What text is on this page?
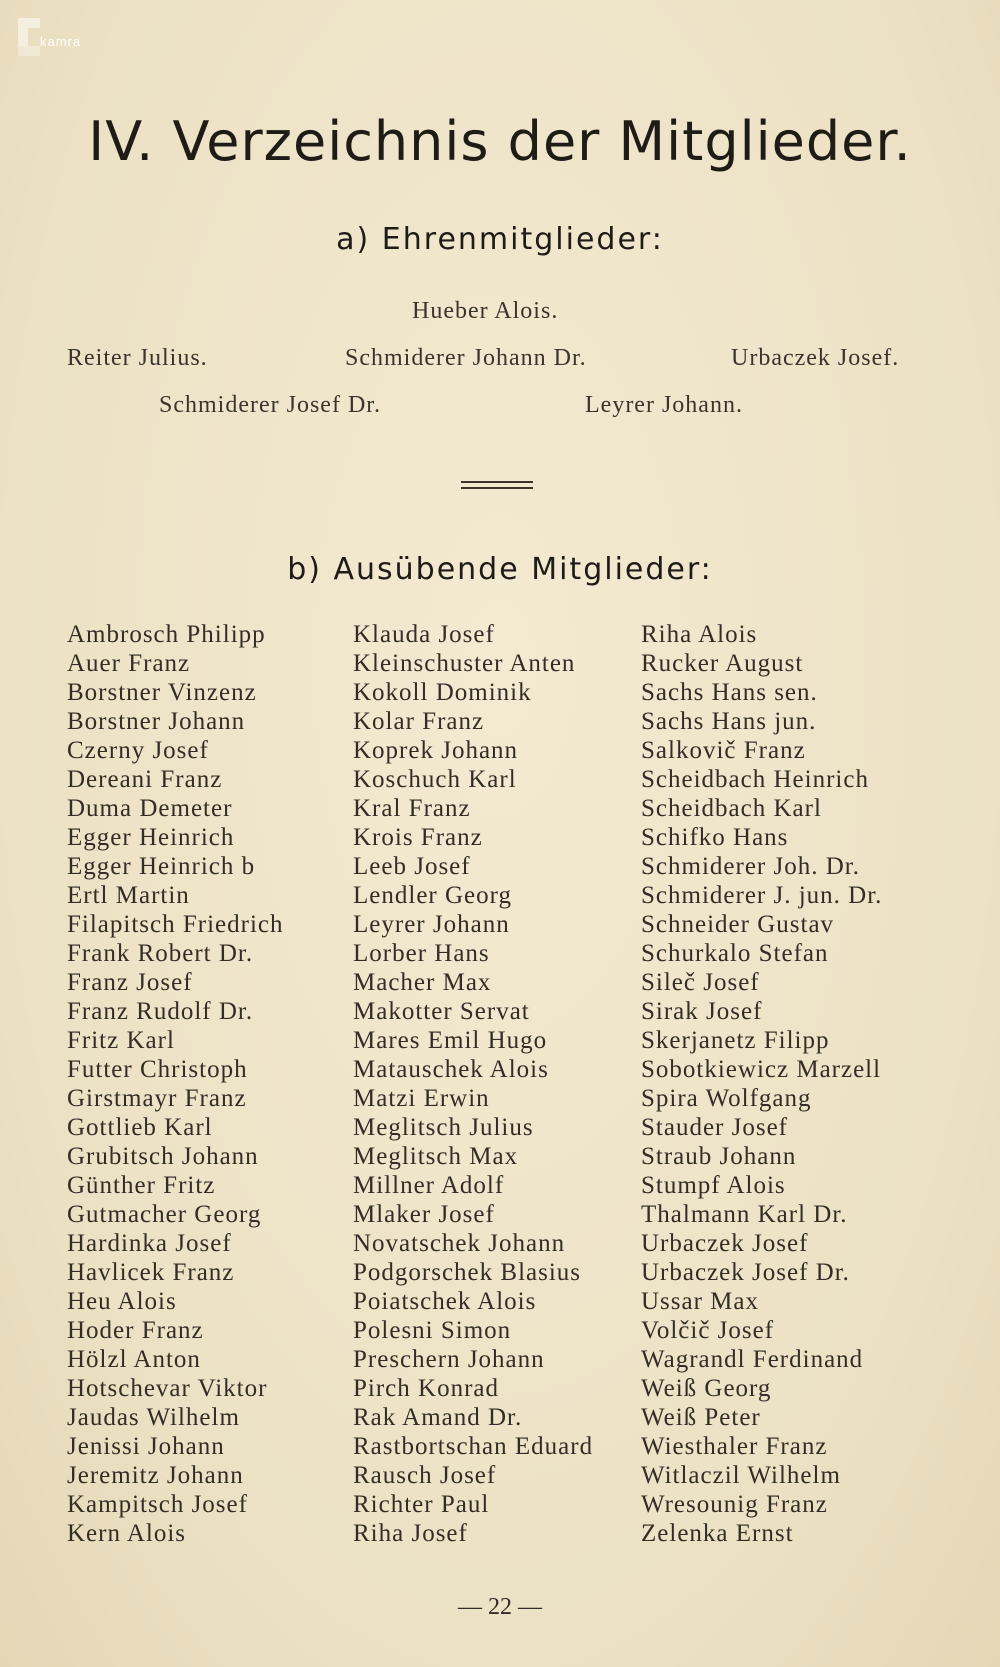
kamra
IV. Verzeichnis der Mitglieder.
a) Ehrenmitglieder:
Hueber Alois.
Reiter Julius.	Schmiderer Johann Dr.	Urbaczek Josef.
Schmiderer Josef Dr.	Leyrer Johann.
b) Ausübende Mitglieder:
Ambrosch Philipp
Auer Franz
Borstner Vinzenz
Borstner Johann
Czerny Josef
Dereani Franz
Duma Demeter
Egger Heinrich
Egger Heinrich b
Ertl Martin
Filapitsch Friedrich
Frank Robert Dr.
Franz Josef
Franz Rudolf Dr.
Fritz Karl
Futter Christoph
Girstmayr Franz
Gottlieb Karl
Grubitsch Johann
Günther Fritz
Gutmacher Georg
Hardinka Josef
Havlicek Franz
Heu Alois
Hoder Franz
Hölzl Anton
Hotschevar Viktor
Jaudas Wilhelm
Jenissi Johann
Jeremitz Johann
Kampitsch Josef
Kern Alois
Klauda Josef
Kleinschuster Anten
Kokoll Dominik
Kolar Franz
Koprek Johann
Koschuch Karl
Kral Franz
Krois Franz
Leeb Josef
Lendler Georg
Leyrer Johann
Lorber Hans
Macher Max
Makotter Servat
Mares Emil Hugo
Matauschek Alois
Matzi Erwin
Meglitsch Julius
Meglitsch Max
Millner Adolf
Mlaker Josef
Novatschek Johann
Podgorschek Blasius
Poiatschek Alois
Polesni Simon
Preschern Johann
Pirch Konrad
Rak Amand Dr.
Rastbortschan Eduard
Rausch Josef
Richter Paul
Riha Josef
Riha Alois
Rucker August
Sachs Hans sen.
Sachs Hans jun.
Salkovič Franz
Scheidbach Heinrich
Scheidbach Karl
Schifko Hans
Schmiderer Joh. Dr.
Schmiderer J. jun. Dr.
Schneider Gustav
Schurkalo Stefan
Sileč Josef
Sirak Josef
Skerjanetz Filipp
Sobotkiewicz Marzell
Spira Wolfgang
Stauder Josef
Straub Johann
Stumpf Alois
Thalmann Karl Dr.
Urbaczek Josef
Urbaczek Josef Dr.
Ussar Max
Volčič Josef
Wagrandl Ferdinand
Weiß Georg
Weiß Peter
Wiesthaler Franz
Witlaczil Wilhelm
Wresounig Franz
Zelenka Ernst
— 22 —
